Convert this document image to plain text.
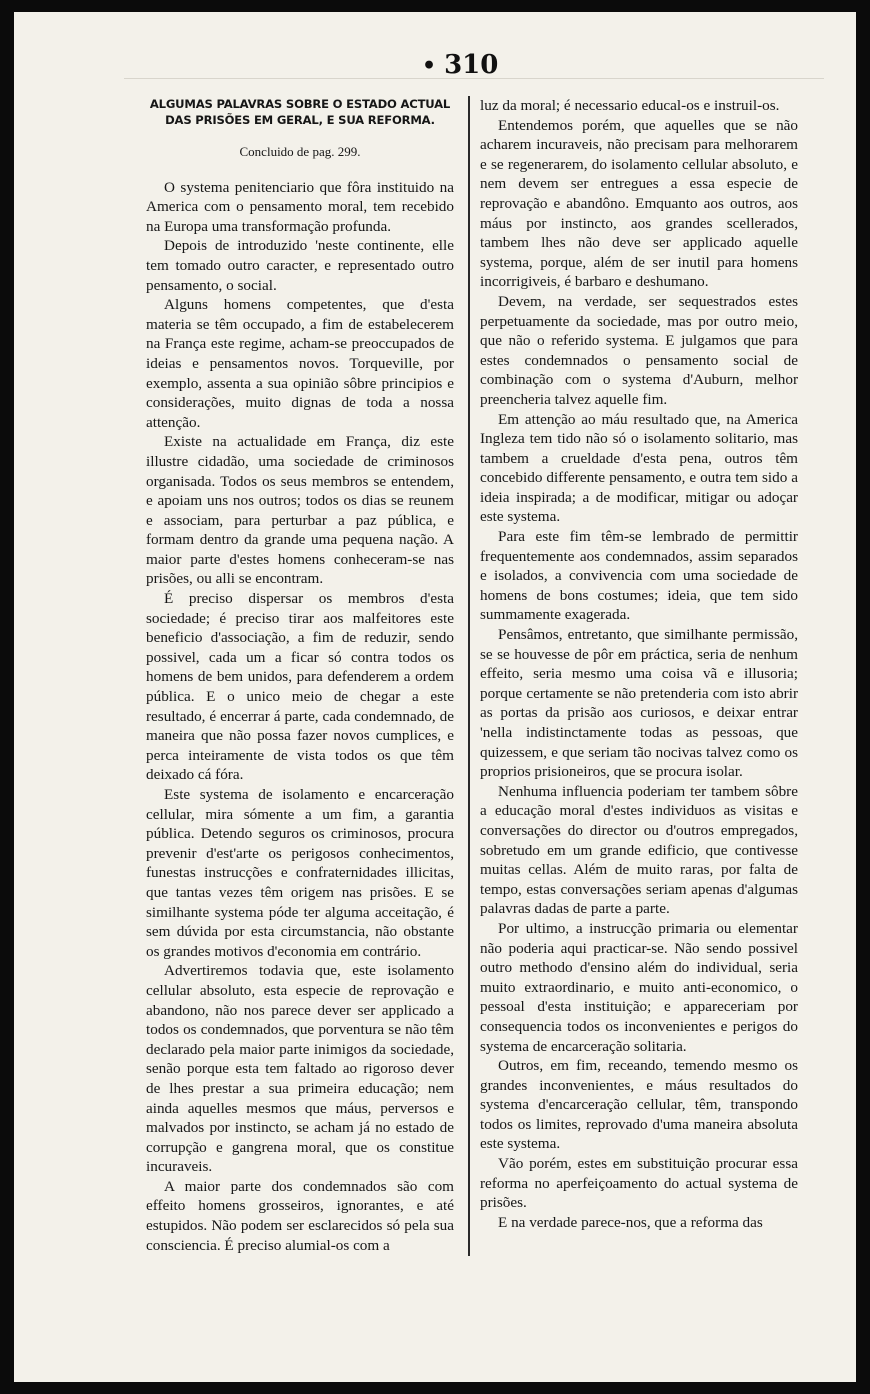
• 310
ALGUMAS PALAVRAS SOBRE O ESTADO ACTUAL DAS PRISÕES EM GERAL, E SUA REFORMA.
Concluido de pag. 299.

O systema penitenciario que fôra instituido na America com o pensamento moral, tem recebido na Europa uma transformação profunda.

Depois de introduzido 'neste continente, elle tem tomado outro caracter, e representado outro pensamento, o social.

Alguns homens competentes, que d'esta materia se têm occupado, a fim de estabelecerem na França este regime, acham-se preoccupados de ideias e pensamentos novos. Torqueville, por exemplo, assenta a sua opinião sôbre principios e considerações, muito dignas de toda a nossa attenção.

Existe na actualidade em França, diz este illustre cidadão, uma sociedade de criminosos organisada. Todos os seus membros se entendem, e apoiam uns nos outros; todos os dias se reunem e associam, para perturbar a paz pública, e formam dentro da grande uma pequena nação. A maior parte d'estes homens conheceram-se nas prisões, ou alli se encontram.

É preciso dispersar os membros d'esta sociedade; é preciso tirar aos malfeitores este beneficio d'associação, a fim de reduzir, sendo possivel, cada um a ficar só contra todos os homens de bem unidos, para defenderem a ordem pública. E o unico meio de chegar a este resultado, é encerrar á parte, cada condemnado, de maneira que não possa fazer novos cumplices, e perca inteiramente de vista todos os que têm deixado cá fóra.

Este systema de isolamento e encarceração cellular, mira sómente a um fim, a garantia pública. Detendo seguros os criminosos, procura prevenir d'est'arte os perigosos conhecimentos, funestas instrucções e confraternidades illicitas, que tantas vezes têm origem nas prisões. E se similhante systema póde ter alguma acceitação, é sem dúvida por esta circumstancia, não obstante os grandes motivos d'economia em contrário.

Advertiremos todavia que, este isolamento cellular absoluto, esta especie de reprovação e abandono, não nos parece dever ser applicado a todos os condemnados, que porventura se não têm declarado pela maior parte inimigos da sociedade, senão porque esta tem faltado ao rigoroso dever de lhes prestar a sua primeira educação; nem ainda aquelles mesmos que máus, perversos e malvados por instincto, se acham já no estado de corrupção e gangrena moral, que os constitue incuraveis.

A maior parte dos condemnados são com effeito homens grosseiros, ignorantes, e até estupidos. Não podem ser esclarecidos só pela sua consciencia. É preciso alumial-os com a

luz da moral; é necessario educal-os e instruil-os.

Entendemos porém, que aquelles que se não acharem incuraveis, não precisam para melhorarem e se regenerarem, do isolamento cellular absoluto, e nem devem ser entregues a essa especie de reprovação e abandôno. Emquanto aos outros, aos máus por instincto, aos grandes scellerados, tambem lhes não deve ser applicado aquelle systema, porque, além de ser inutil para homens incorrigiveis, é barbaro e deshumano.

Devem, na verdade, ser sequestrados estes perpetuamente da sociedade, mas por outro meio, que não o referido systema. E julgamos que para estes condemnados o pensamento social de combinação com o systema d'Auburn, melhor preencheria talvez aquelle fim.

Em attenção ao máu resultado que, na America Ingleza tem tido não só o isolamento solitario, mas tambem a crueldade d'esta pena, outros têm concebido differente pensamento, e outra tem sido a ideia inspirada; a de modificar, mitigar ou adoçar este systema.

Para este fim têm-se lembrado de permittir frequentemente aos condemnados, assim separados e isolados, a convivencia com uma sociedade de homens de bons costumes; ideia, que tem sido summamente exagerada.

Pensâmos, entretanto, que similhante permissão, se se houvesse de pôr em práctica, seria de nenhum effeito, seria mesmo uma coisa vã e illusoria; porque certamente se não pretenderia com isto abrir as portas da prisão aos curiosos, e deixar entrar 'nella indistinctamente todas as pessoas, que quizessem, e que seriam tão nocivas talvez como os proprios prisioneiros, que se procura isolar.

Nenhuma influencia poderiam ter tambem sôbre a educação moral d'estes individuos as visitas e conversações do director ou d'outros empregados, sobretudo em um grande edificio, que contivesse muitas cellas. Além de muito raras, por falta de tempo, estas conversações seriam apenas d'algumas palavras dadas de parte a parte.

Por ultimo, a instrucção primaria ou elementar não poderia aqui practicar-se. Não sendo possivel outro methodo d'ensino além do individual, seria muito extraordinario, e muito anti-economico, o pessoal d'esta instituição; e appareceriam por consequencia todos os inconvenientes e perigos do systema de encarceração solitaria.

Outros, em fim, receando, temendo mesmo os grandes inconvenientes, e máus resultados do systema d'encarceração cellular, têm, transpondo todos os limites, reprovado d'uma maneira absoluta este systema.

Vão porém, estes em substituição procurar essa reforma no aperfeiçoamento do actual systema de prisões.

E na verdade parece-nos, que a reforma das
